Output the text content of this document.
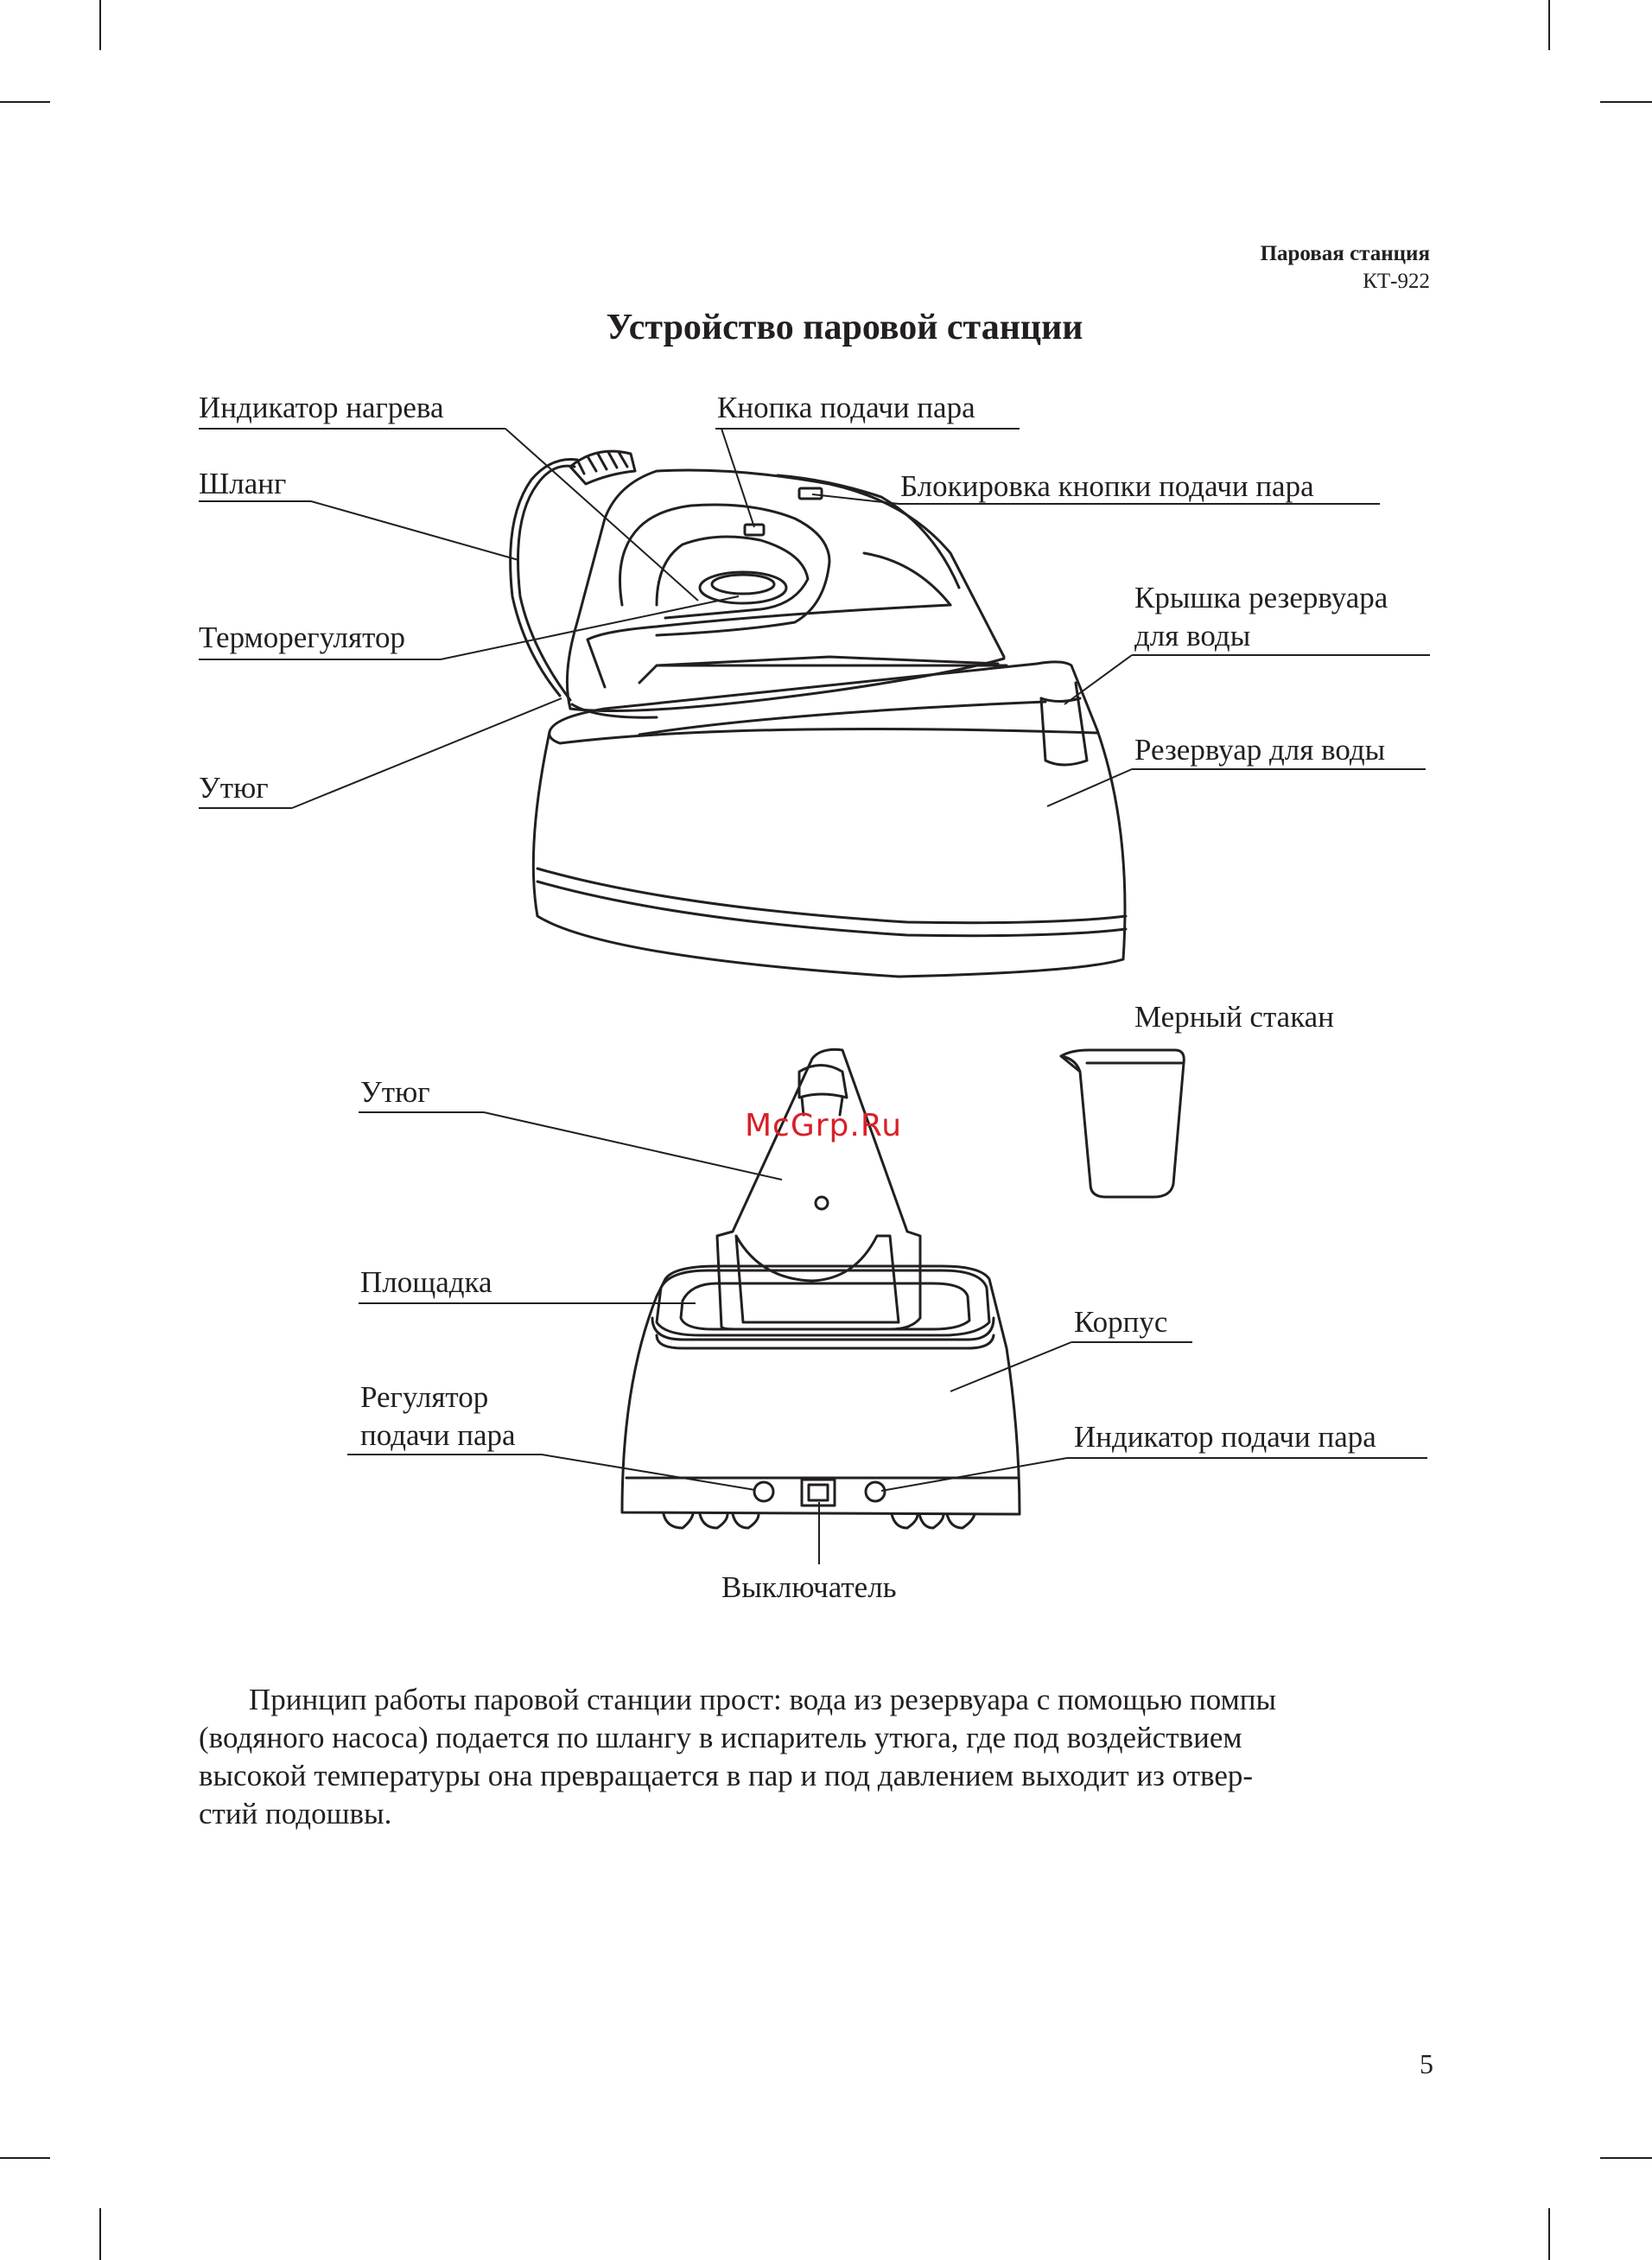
Паровая станция
КТ-922
Устройство паровой станции
Индикатор нагрева	Кнопка подачи пара
Шланг	Блокировка кнопки подачи пара
Терморегулятор
Крышка резервуара
для воды
Утюг
Резервуар для воды
Мерный стакан
Утюг
Площадка
Корпус
Регулятор
подачи пара	Индикатор подачи пара
Выключатель
McGrp.Ru
Принцип работы паровой станции прост: вода из резервуара с помощью помпы
(водяного насоса) подается по шлангу в испаритель утюга, где под воздействием
высокой температуры она превращается в пар и под давлением выходит из отвер-
стий подошвы.
5
